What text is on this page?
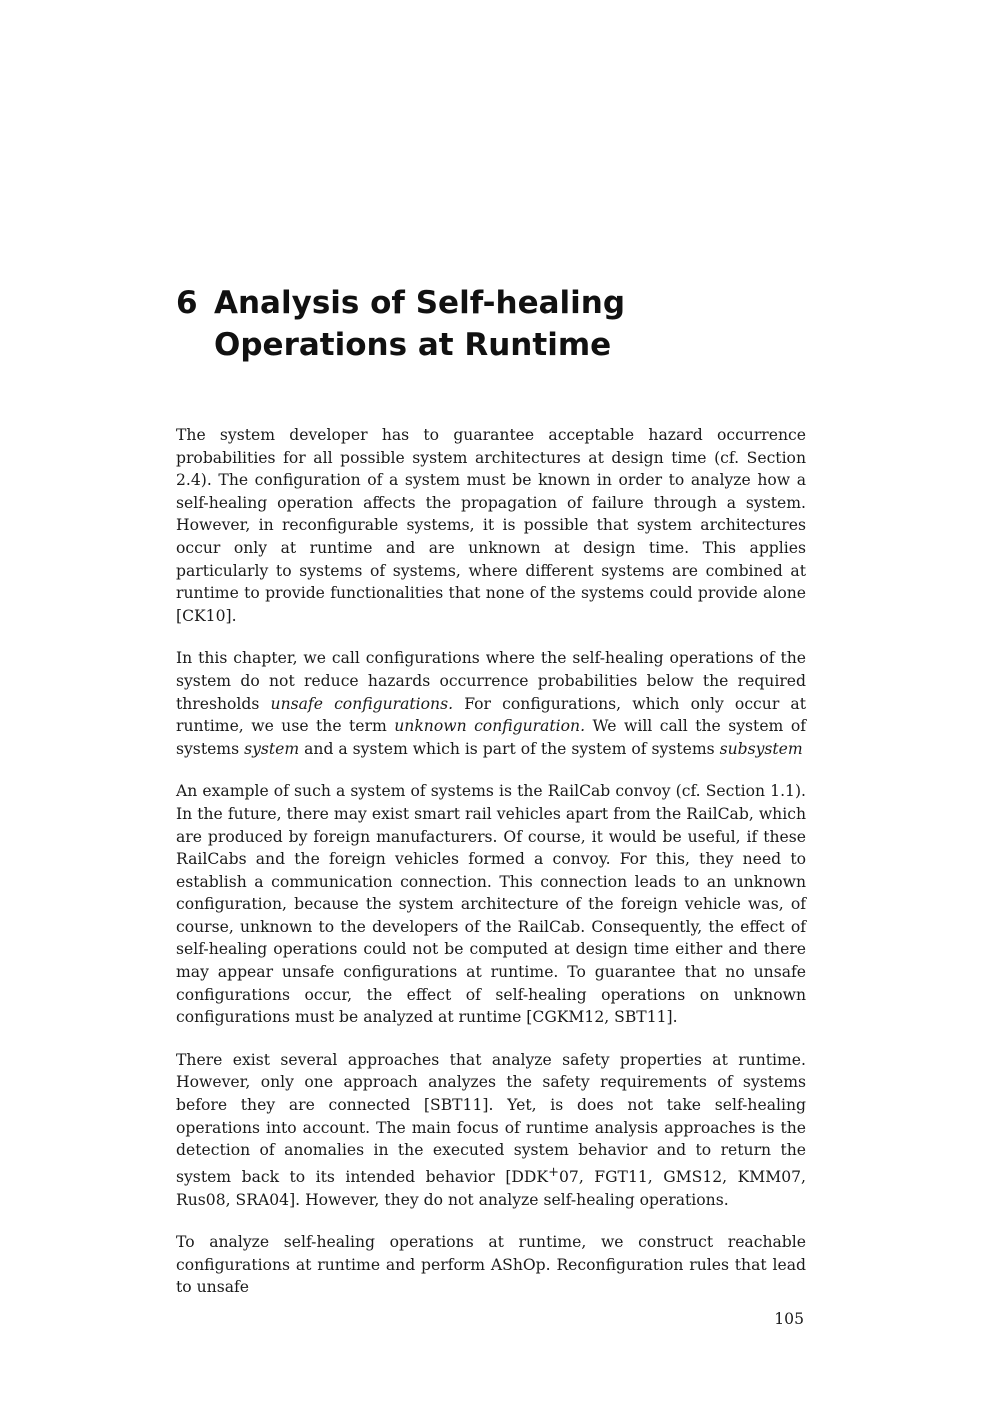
6 Analysis of Self-healing Operations at Runtime

The system developer has to guarantee acceptable hazard occurrence probabilities for all possible system architectures at design time (cf. Section 2.4). The configuration of a system must be known in order to analyze how a self-healing operation affects the propagation of failure through a system. However, in reconfigurable systems, it is possible that system architectures occur only at runtime and are unknown at design time. This applies particularly to systems of systems, where different systems are combined at runtime to provide functionalities that none of the systems could provide alone [CK10].

In this chapter, we call configurations where the self-healing operations of the system do not reduce hazards occurrence probabilities below the required thresholds unsafe configurations. For configurations, which only occur at runtime, we use the term unknown configuration. We will call the system of systems system and a system which is part of the system of systems subsystem

An example of such a system of systems is the RailCab convoy (cf. Section 1.1). In the future, there may exist smart rail vehicles apart from the RailCab, which are produced by foreign manufacturers. Of course, it would be useful, if these RailCabs and the foreign vehicles formed a convoy. For this, they need to establish a communication connection. This connection leads to an unknown configuration, because the system architecture of the foreign vehicle was, of course, unknown to the developers of the RailCab. Consequently, the effect of self-healing operations could not be computed at design time either and there may appear unsafe configurations at runtime. To guarantee that no unsafe configurations occur, the effect of self-healing operations on unknown configurations must be analyzed at runtime [CGKM12, SBT11].

There exist several approaches that analyze safety properties at runtime. However, only one approach analyzes the safety requirements of systems before they are connected [SBT11]. Yet, is does not take self-healing operations into account. The main focus of runtime analysis approaches is the detection of anomalies in the executed system behavior and to return the system back to its intended behavior [DDK+07, FGT11, GMS12, KMM07, Rus08, SRA04]. However, they do not analyze self-healing operations.

To analyze self-healing operations at runtime, we construct reachable configurations at runtime and perform AShOp. Reconfiguration rules that lead to unsafe

105
